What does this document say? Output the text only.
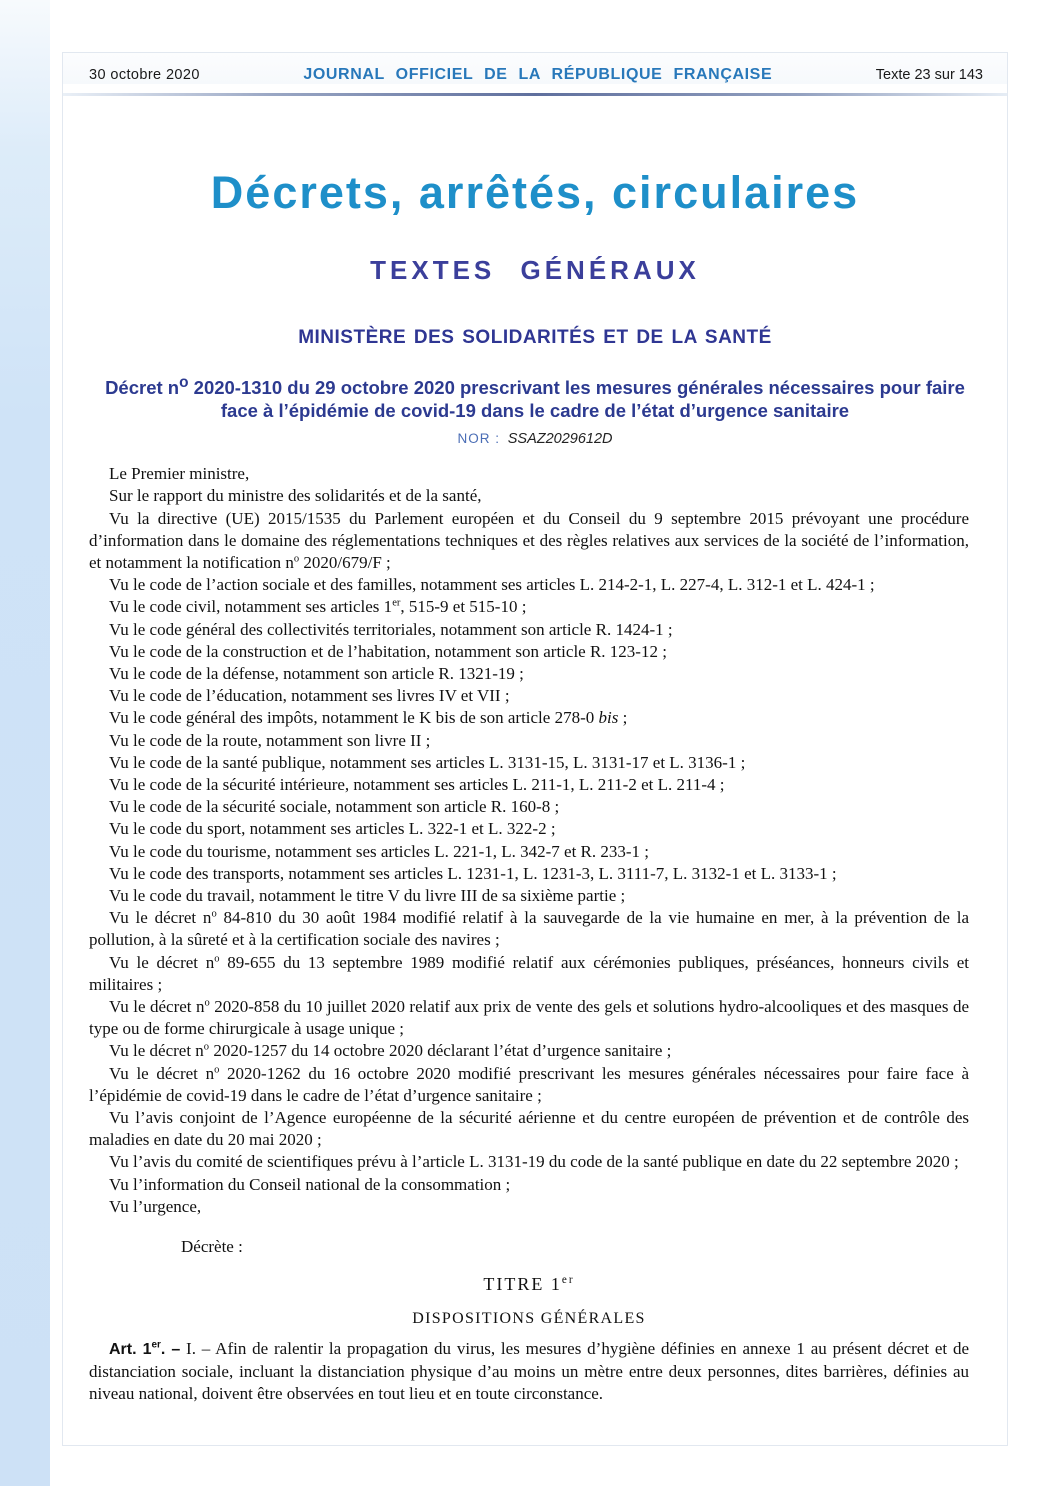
30 octobre 2020	JOURNAL OFFICIEL DE LA RÉPUBLIQUE FRANÇAISE	Texte 23 sur 143
Décrets, arrêtés, circulaires
TEXTES GÉNÉRAUX
MINISTÈRE DES SOLIDARITÉS ET DE LA SANTÉ
Décret $n^o$ 2020-1310 du 29 octobre 2020 prescrivant les mesures générales nécessaires pour faire face à l’épidémie de covid-19 dans le cadre de l’état d’urgence sanitaire
NOR : SSAZ2029612D

Le Premier ministre,

Sur le rapport du ministre des solidarités et de la santé,

Vu la directive (UE) 2015/1535 du Parlement européen et du Conseil du 9 septembre 2015 prévoyant une procédure d’information dans le domaine des réglementations techniques et des règles relatives aux services de la société de l’information, et notamment la notification $n^o$ 2020/679/F ;

Vu le code de l’action sociale et des familles, notamment ses articles L. 214-2-1, L. 227-4, L. 312-1 et L. 424-1 ;

Vu le code civil, notamment ses articles 1er, 515-9 et 515-10 ;

Vu le code général des collectivités territoriales, notamment son article R. 1424-1 ;

Vu le code de la construction et de l’habitation, notamment son article R. 123-12 ;

Vu le code de la défense, notamment son article R. 1321-19 ;

Vu le code de l’éducation, notamment ses livres IV et VII ;

Vu le code général des impôts, notamment le K bis de son article 278-0 bis ;

Vu le code de la route, notamment son livre II ;

Vu le code de la santé publique, notamment ses articles L. 3131-15, L. 3131-17 et L. 3136-1 ;

Vu le code de la sécurité intérieure, notamment ses articles L. 211-1, L. 211-2 et L. 211-4 ;

Vu le code de la sécurité sociale, notamment son article R. 160-8 ;

Vu le code du sport, notamment ses articles L. 322-1 et L. 322-2 ;

Vu le code du tourisme, notamment ses articles L. 221-1, L. 342-7 et R. 233-1 ;

Vu le code des transports, notamment ses articles L. 1231-1, L. 1231-3, L. 3111-7, L. 3132-1 et L. 3133-1 ;

Vu le code du travail, notamment le titre V du livre III de sa sixième partie ;

Vu le décret $n^o$ 84-810 du 30 août 1984 modifié relatif à la sauvegarde de la vie humaine en mer, à la prévention de la pollution, à la sûreté et à la certification sociale des navires ;

Vu le décret $n^o$ 89-655 du 13 septembre 1989 modifié relatif aux cérémonies publiques, préséances, honneurs civils et militaires ;

Vu le décret $n^o$ 2020-858 du 10 juillet 2020 relatif aux prix de vente des gels et solutions hydro-alcooliques et des masques de type ou de forme chirurgicale à usage unique ;

Vu le décret $n^o$ 2020-1257 du 14 octobre 2020 déclarant l’état d’urgence sanitaire ;

Vu le décret $n^o$ 2020-1262 du 16 octobre 2020 modifié prescrivant les mesures générales nécessaires pour faire face à l’épidémie de covid-19 dans le cadre de l’état d’urgence sanitaire ;

Vu l’avis conjoint de l’Agence européenne de la sécurité aérienne et du centre européen de prévention et de contrôle des maladies en date du 20 mai 2020 ;

Vu l’avis du comité de scientifiques prévu à l’article L. 3131-19 du code de la santé publique en date du 22 septembre 2020 ;

Vu l’information du Conseil national de la consommation ;

Vu l’urgence,

Décrète :

TITRE 1er

DISPOSITIONS GÉNÉRALES

Art. 1er. – I. – Afin de ralentir la propagation du virus, les mesures d’hygiène définies en annexe 1 au présent décret et de distanciation sociale, incluant la distanciation physique d’au moins un mètre entre deux personnes, dites barrières, définies au niveau national, doivent être observées en tout lieu et en toute circonstance.
